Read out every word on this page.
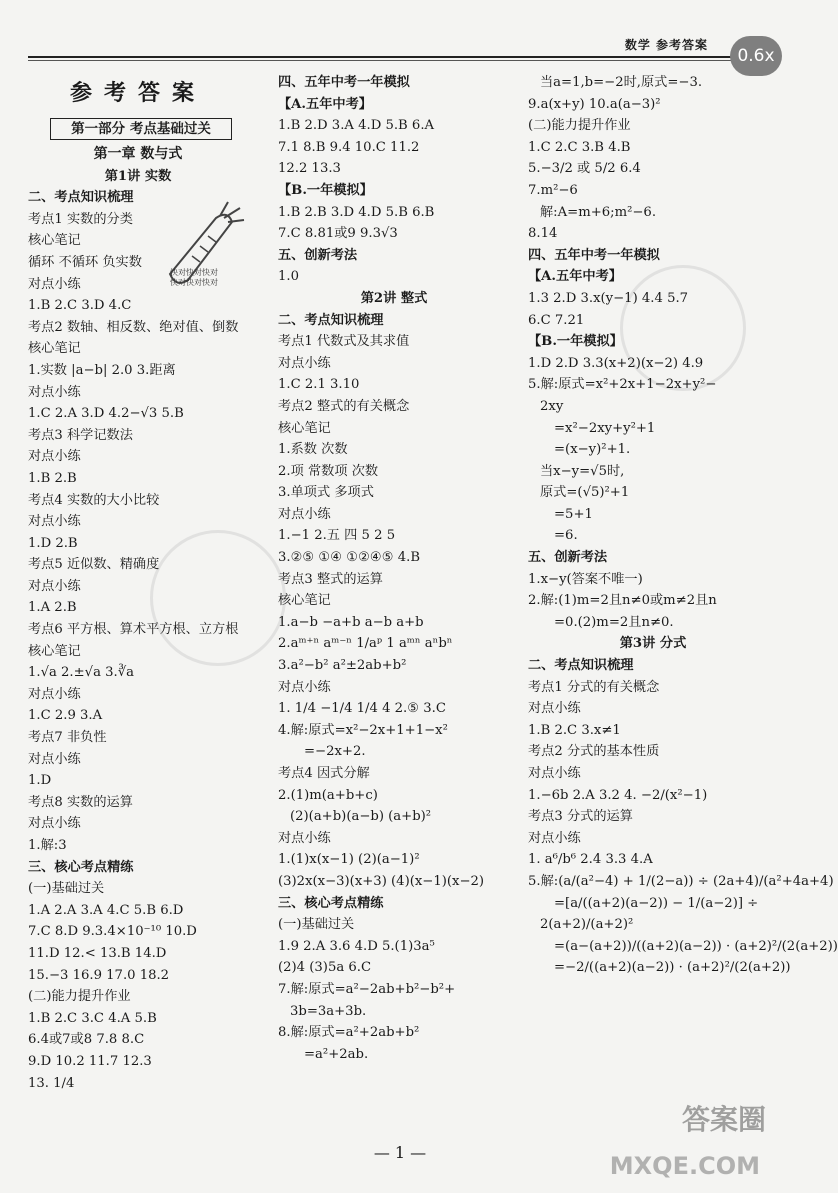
数学 参考答案
0.6x
参考答案
第一部分 考点基础过关
第一章 数与式
第1讲 实数
二、考点知识梳理
考点1 实数的分类
核心笔记
循环 不循环 负实数
对点小练
1.B 2.C 3.D 4.C
考点2 数轴、相反数、绝对值、倒数
核心笔记
1.实数 |a−b| 2.0 3.距离
对点小练
1.C 2.A 3.D 4.2−√3 5.B
考点3 科学记数法
对点小练
1.B 2.B
考点4 实数的大小比较
对点小练
1.D 2.B
考点5 近似数、精确度
对点小练
1.A 2.B
考点6 平方根、算术平方根、立方根
核心笔记
1.√a 2.±√a 3.∛a
对点小练
1.C 2.9 3.A
考点7 非负性
对点小练
1.D
考点8 实数的运算
对点小练
1.解:3
三、核心考点精练
(一)基础过关
1.A 2.A 3.A 4.C 5.B 6.D
7.C 8.D 9.3.4×10⁻¹⁰ 10.D
11.D 12.< 13.B 14.D
15.−3 16.9 17.0 18.2
(二)能力提升作业
1.B 2.C 3.C 4.A 5.B
6.4或7或8 7.8 8.C
9.D 10.2 11.7 12.3
13. 1/4
快对快对快对
快对快对快对
四、五年中考一年模拟
【A.五年中考】
1.B 2.D 3.A 4.D 5.B 6.A
7.1 8.B 9.4 10.C 11.2
12.2 13.3
【B.一年模拟】
1.B 2.B 3.D 4.D 5.B 6.B
7.C 8.81或9 9.3√3
五、创新考法
1.0
第2讲 整式
二、考点知识梳理
考点1 代数式及其求值
对点小练
1.C 2.1 3.10
考点2 整式的有关概念
核心笔记
1.系数 次数
2.项 常数项 次数
3.单项式 多项式
对点小练
1.−1 2.五 四 5 2 5
3.②⑤ ①④ ①②④⑤ 4.B
考点3 整式的运算
核心笔记
1.a−b −a+b a−b a+b
2.aᵐ⁺ⁿ aᵐ⁻ⁿ 1/aᵖ 1 aᵐⁿ aⁿbⁿ
3.a²−b² a²±2ab+b²
对点小练
1. 1/4 −1/4 1/4 4 2.⑤ 3.C
4.解:原式=x²−2x+1+1−x²
=−2x+2.
考点4 因式分解
2.(1)m(a+b+c)
(2)(a+b)(a−b) (a+b)²
对点小练
1.(1)x(x−1) (2)(a−1)²
(3)2x(x−3)(x+3) (4)(x−1)(x−2)
三、核心考点精练
(一)基础过关
1.9 2.A 3.6 4.D 5.(1)3a⁵
(2)4 (3)5a 6.C
7.解:原式=a²−2ab+b²−b²+
3b=3a+3b.
8.解:原式=a²+2ab+b²
=a²+2ab.
当a=1,b=−2时,原式=−3.
9.a(x+y) 10.a(a−3)²
(二)能力提升作业
1.C 2.C 3.B 4.B
5.−3/2 或 5/2 6.4
7.m²−6
解:A=m+6;m²−6.
8.14
四、五年中考一年模拟
【A.五年中考】
1.3 2.D 3.x(y−1) 4.4 5.7
6.C 7.21
【B.一年模拟】
1.D 2.D 3.3(x+2)(x−2) 4.9
5.解:原式=x²+2x+1−2x+y²−
2xy
=x²−2xy+y²+1
=(x−y)²+1.
当x−y=√5时,
原式=(√5)²+1
=5+1
=6.
五、创新考法
1.x−y(答案不唯一)
2.解:(1)m=2且n≠0或m≠2且n
=0.(2)m=2且n≠0.
第3讲 分式
二、考点知识梳理
考点1 分式的有关概念
对点小练
1.B 2.C 3.x≠1
考点2 分式的基本性质
对点小练
1.−6b 2.A 3.2 4. −2/(x²−1)
考点3 分式的运算
对点小练
1. a⁶/b⁶ 2.4 3.3 4.A
5.解:(a/(a²−4) + 1/(2−a)) ÷ (2a+4)/(a²+4a+4)
=[a/((a+2)(a−2)) − 1/(a−2)] ÷
2(a+2)/(a+2)²
=(a−(a+2))/((a+2)(a−2)) · (a+2)²/(2(a+2))
=−2/((a+2)(a−2)) · (a+2)²/(2(a+2))
— 1 —
答案圈
MXQE.COM
